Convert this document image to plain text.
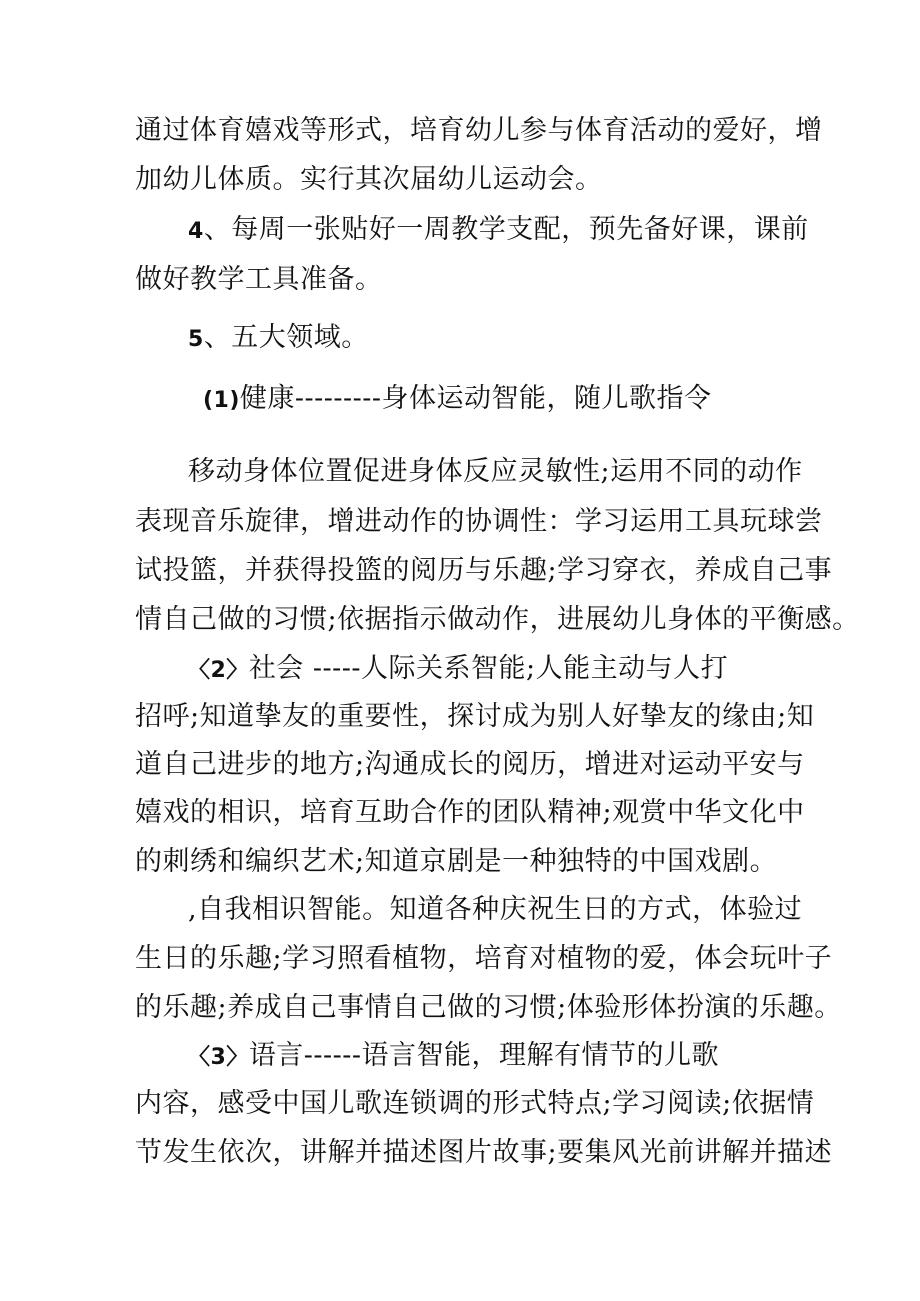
通过体育嬉戏等形式，培育幼儿参与体育活动的爱好，增
加幼儿体质。实行其次届幼儿运动会。
4、每周一张贴好一周教学支配，预先备好课，课前
做好教学工具准备。
5、五大领域。
(1)健康---------身体运动智能，随儿歌指令
移动身体位置促进身体反应灵敏性;运用不同的动作
表现音乐旋律，增进动作的协调性：学习运用工具玩球尝
试投篮，并获得投篮的阅历与乐趣;学习穿衣，养成自己事
情自己做的习惯;依据指示做动作，进展幼儿身体的平衡感。
〈2〉社会 -----人际关系智能;人能主动与人打
招呼;知道挚友的重要性，探讨成为别人好挚友的缘由;知
道自己进步的地方;沟通成长的阅历，增进对运动平安与
嬉戏的相识，培育互助合作的团队精神;观赏中华文化中
的刺绣和编织艺术;知道京剧是一种独特的中国戏剧。
,自我相识智能。知道各种庆祝生日的方式，体验过
生日的乐趣;学习照看植物，培育对植物的爱，体会玩叶子
的乐趣;养成自己事情自己做的习惯;体验形体扮演的乐趣。
〈3〉语言------语言智能，理解有情节的儿歌
内容，感受中国儿歌连锁调的形式特点;学习阅读;依据情
节发生依次，讲解并描述图片故事;要集风光前讲解并描述
